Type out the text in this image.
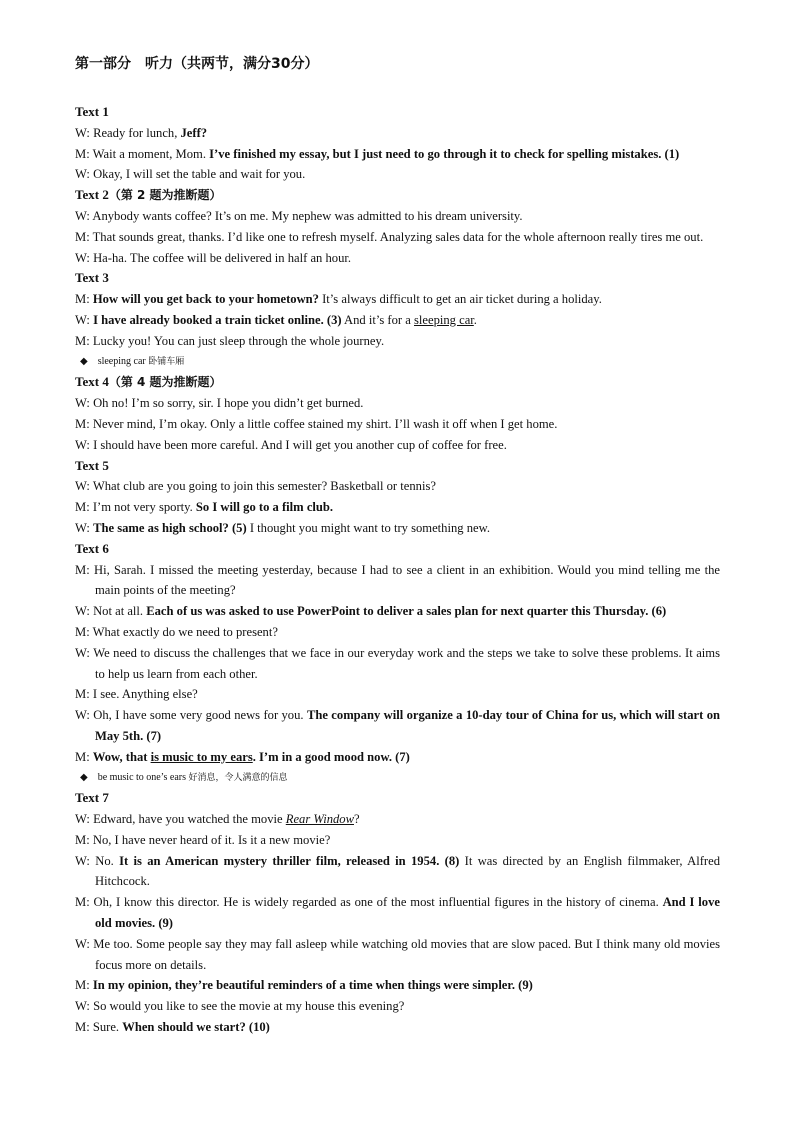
第一部分　听力（共两节，满分30分）
Text 1
W: Ready for lunch, Jeff?
M: Wait a moment, Mom. I’ve finished my essay, but I just need to go through it to check for spelling mistakes. (1)
W: Okay, I will set the table and wait for you.
Text 2（第 2 题为推断题）
W: Anybody wants coffee? It’s on me. My nephew was admitted to his dream university.
M: That sounds great, thanks. I’d like one to refresh myself. Analyzing sales data for the whole afternoon really tires me out.
W: Ha-ha. The coffee will be delivered in half an hour.
Text 3
M: How will you get back to your hometown? It’s always difficult to get an air ticket during a holiday.
W: I have already booked a train ticket online. (3) And it’s for a sleeping car.
M: Lucky you! You can just sleep through the whole journey.
◆ sleeping car 卧铺车厢
Text 4（第 4 题为推断题）
W: Oh no! I’m so sorry, sir. I hope you didn’t get burned.
M: Never mind, I’m okay. Only a little coffee stained my shirt. I’ll wash it off when I get home.
W: I should have been more careful. And I will get you another cup of coffee for free.
Text 5
W: What club are you going to join this semester? Basketball or tennis?
M: I’m not very sporty. So I will go to a film club.
W: The same as high school? (5) I thought you might want to try something new.
Text 6
M: Hi, Sarah. I missed the meeting yesterday, because I had to see a client in an exhibition. Would you mind telling me the main points of the meeting?
W: Not at all. Each of us was asked to use PowerPoint to deliver a sales plan for next quarter this Thursday. (6)
M: What exactly do we need to present?
W: We need to discuss the challenges that we face in our everyday work and the steps we take to solve these problems. It aims to help us learn from each other.
M: I see. Anything else?
W: Oh, I have some very good news for you. The company will organize a 10-day tour of China for us, which will start on May 5th. (7)
M: Wow, that is music to my ears. I’m in a good mood now. (7)
◆ be music to one’s ears 好消息，令人满意的信息
Text 7
W: Edward, have you watched the movie Rear Window?
M: No, I have never heard of it. Is it a new movie?
W: No. It is an American mystery thriller film, released in 1954. (8) It was directed by an English filmmaker, Alfred Hitchcock.
M: Oh, I know this director. He is widely regarded as one of the most influential figures in the history of cinema. And I love old movies. (9)
W: Me too. Some people say they may fall asleep while watching old movies that are slow paced. But I think many old movies focus more on details.
M: In my opinion, they’re beautiful reminders of a time when things were simpler. (9)
W: So would you like to see the movie at my house this evening?
M: Sure. When should we start? (10)
